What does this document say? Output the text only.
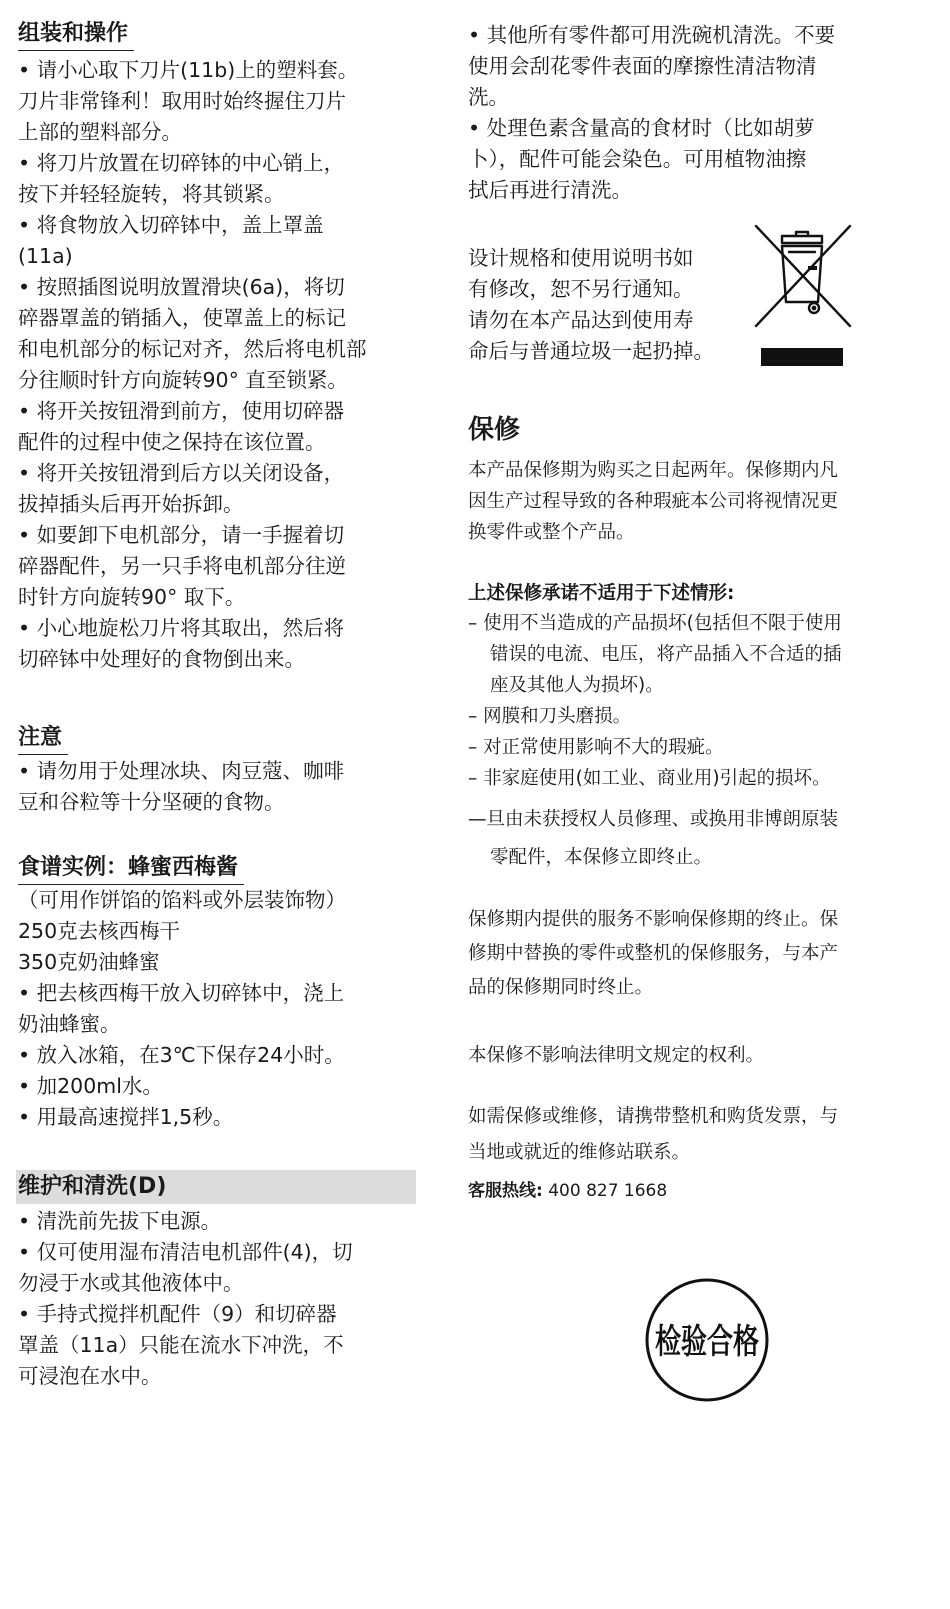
组装和操作
• 请小心取下刀片(11b)上的塑料套。
刀片非常锋利！取用时始终握住刀片
上部的塑料部分。
• 将刀片放置在切碎钵的中心销上，
按下并轻轻旋转，将其锁紧。
• 将食物放入切碎钵中，盖上罩盖
(11a)
• 按照插图说明放置滑块(6a)，将切
碎器罩盖的销插入，使罩盖上的标记
和电机部分的标记对齐，然后将电机部
分往顺时针方向旋转90° 直至锁紧。
• 将开关按钮滑到前方，使用切碎器
配件的过程中使之保持在该位置。
• 将开关按钮滑到后方以关闭设备，
拔掉插头后再开始拆卸。
• 如要卸下电机部分，请一手握着切
碎器配件，另一只手将电机部分往逆
时针方向旋转90° 取下。
• 小心地旋松刀片将其取出，然后将
切碎钵中处理好的食物倒出来。
注意
• 请勿用于处理冰块、肉豆蔻、咖啡
豆和谷粒等十分坚硬的食物。
食谱实例：蜂蜜西梅酱
（可用作饼馅的馅料或外层装饰物）
250克去核西梅干
350克奶油蜂蜜
• 把去核西梅干放入切碎钵中，浇上
奶油蜂蜜。
• 放入冰箱，在3℃下保存24小时。
• 加200ml水。
• 用最高速搅拌1,5秒。
维护和清洗(D)
• 清洗前先拔下电源。
• 仅可使用湿布清洁电机部件(4)，切
勿浸于水或其他液体中。
• 手持式搅拌机配件（9）和切碎器
罩盖（11a）只能在流水下冲洗，不
可浸泡在水中。
• 其他所有零件都可用洗碗机清洗。不要
使用会刮花零件表面的摩擦性清洁物清
洗。
• 处理色素含量高的食材时（比如胡萝
卜），配件可能会染色。可用植物油擦
拭后再进行清洗。
设计规格和使用说明书如
有修改，恕不另行通知。
请勿在本产品达到使用寿
命后与普通垃圾一起扔掉。
保修
本产品保修期为购买之日起两年。保修期内凡
因生产过程导致的各种瑕疵本公司将视情况更
换零件或整个产品。
上述保修承诺不适用于下述情形:
– 使用不当造成的产品损坏(包括但不限于使用
错误的电流、电压，将产品插入不合适的插
座及其他人为损坏)。
– 网膜和刀头磨损。
– 对正常使用影响不大的瑕疵。
– 非家庭使用(如工业、商业用)引起的损坏。
—旦由未获授权人员修理、或换用非博朗原装
零配件，本保修立即终止。
保修期内提供的服务不影响保修期的终止。保
修期中替换的零件或整机的保修服务，与本产
品的保修期同时终止。
本保修不影响法律明文规定的权利。
如需保修或维修，请携带整机和购货发票，与
当地或就近的维修站联系。
客服热线: 400 827 1668
检验合格
